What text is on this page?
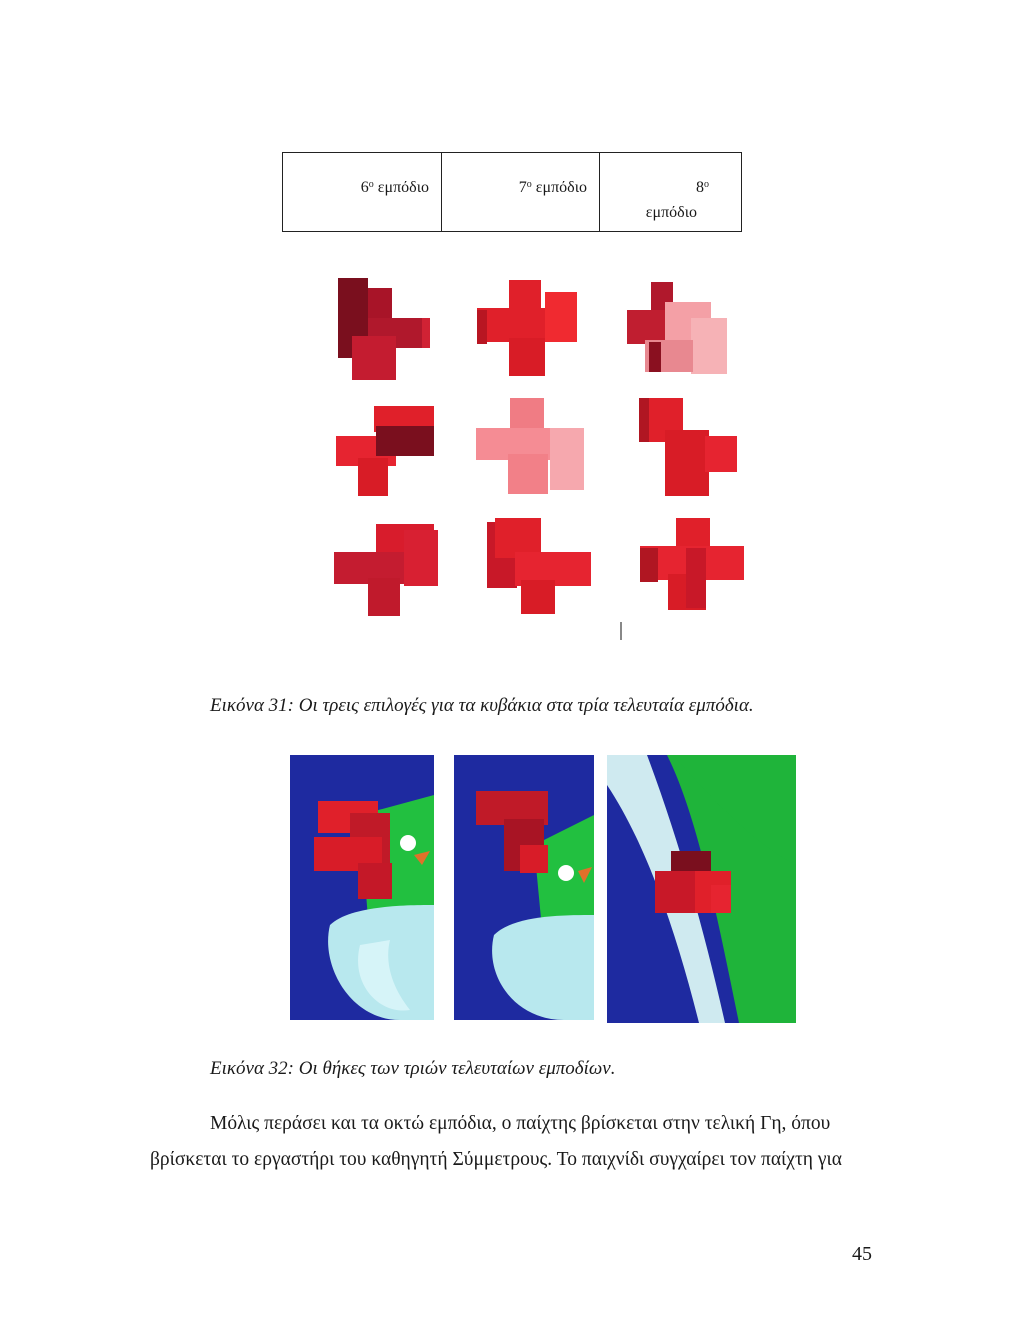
$6^o$ εμπόδιο	$7^o$ εμπόδιο	$8^o$
εμπόδιο
Εικόνα 31: Οι τρεις επιλογές για τα κυβάκια στα τρία τελευταία εμπόδια.
Εικόνα 32: Οι θήκες των τριών τελευταίων εμποδίων.
Μόλις περάσει και τα οκτώ εμπόδια, ο παίχτης βρίσκεται στην τελική Γη, όπου
βρίσκεται το εργαστήρι του καθηγητή Σύμμετρους. Το παιχνίδι συγχαίρει τον παίχτη για
45
